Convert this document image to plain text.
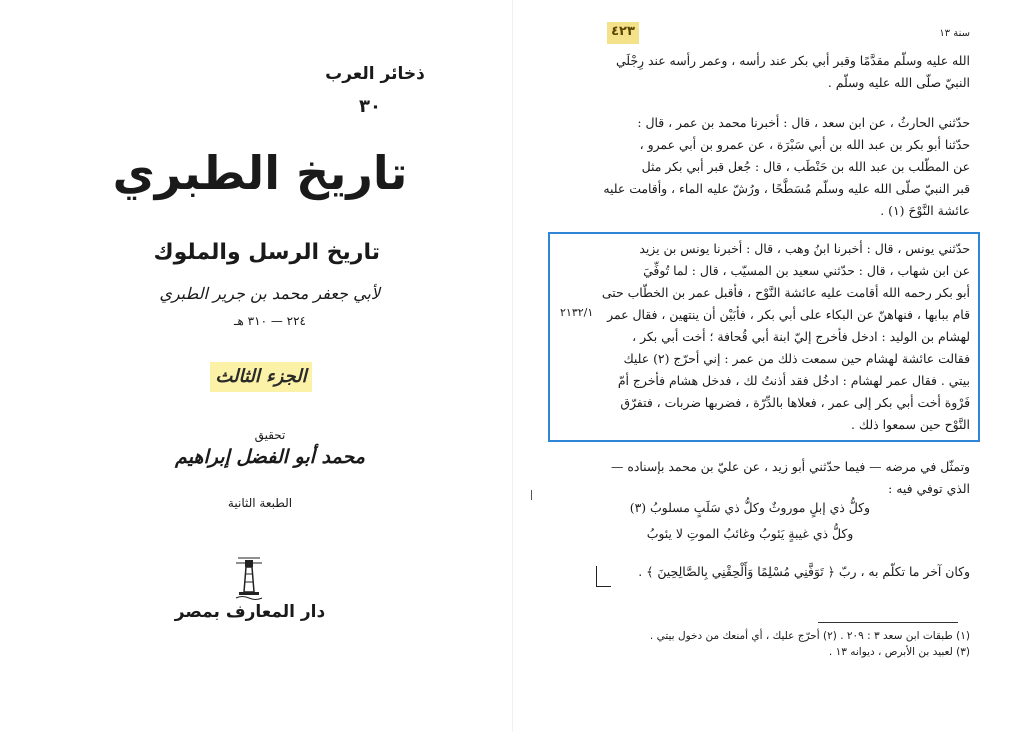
ذخائر العرب
٣٠
تاريخ الطبري
تاريخ الرسل والملوك
لأبي جعفر محمد بن جرير الطبري
٢٢٤ — ٣١٠ هـ
الجزء الثالث
تحقيق
محمد أبو الفضل إبراهيم
الطبعة الثانية
دار المعارف بمصر
٤٢٣	سنة ١٣
الله عليه وسلّم مقدَّمًا وقبر أبي بكر عند رأسه ، وعمر رأسه عند رِجْلَي
النبيّ صلّى الله عليه وسلّم .
حدّثني الحارثُ ، عن ابن سعد ، قال : أخبرنا محمد بن عمر ، قال :
حدّثنا أبو بكر بن عبد الله بن أبي سَبْرَة ، عن عمرو بن أبي عمرو ،
عن المطّلب بن عبد الله بن حَنْطَب ، قال : جُعل قبر أبي بكر مثل
قبر النبيّ صلّى الله عليه وسلّم مُسَطَّحًا ، ورُشّ عليه الماء ، وأقامت عليه
عائشة النَّوْحَ (١) .
حدّثني يونس ، قال : أخبرنا ابنُ وهب ، قال : أخبرنا يونس بن يزيد
عن ابن شهاب ، قال : حدّثني سعيد بن المسيّب ، قال : لما تُوفِّيَ
أبو بكر رحمه الله أقامت عليه عائشة النَّوْح ، فأقبل عمر بن الخطّاب حتى
قام ببابها ، فنهاهنّ عن البكاء على أبي بكر ، فأبَيْن أن ينتهين ، فقال عمر
لهشام بن الوليد : ادخل فأخرج إليّ ابنة أبي قُحافة ؛ أخت أبي بكر ،
فقالت عائشة لهشام حين سمعت ذلك من عمر : إني أحرّج (٢) عليك
بيتي . فقال عمر لهشام : ادخُل فقد أذنتُ لك ، فدخل هشام فأخرج أمّ
فَرْوة أخت أبي بكر إلى عمر ، فعلاها بالدِّرّة ، فضربها ضربات ، فتفرّق
النَّوْح حين سمعوا ذلك .
٢١٣٢/١
وتمثّل في مرضه — فيما حدّثني أبو زيد ، عن عليّ بن محمد بإسناده —
الذي توفي فيه :
وكلُّ ذي إبلٍ موروثٌ وكلُّ ذي سَلَبٍ مسلوبُ (٣)
وكلُّ ذي غيبةٍ يَئوبُ وغائبُ الموتِ لا يئوبُ
وكان آخر ما تكلّم به ، ربّ ﴿ تَوَفَّنِي مُسْلِمًا وَأَلْحِقْنِي بِالصَّالِحِينَ ﴾ .
(١) طبقات ابن سعد ٣ : ٢٠٩ . (٢) أحرّج عليك ، أي أمنعك من دخول بيتي .
(٣) لعبيد بن الأبرص ، ديوانه ١٣ .
